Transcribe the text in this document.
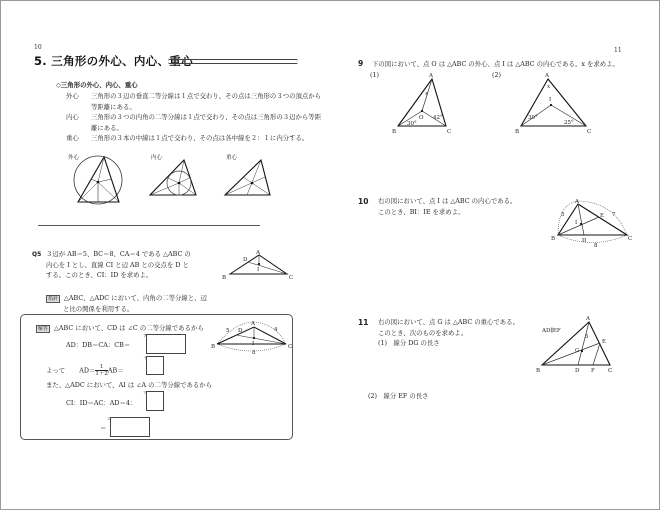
10
5. 三角形の外心、内心、重心
◇三角形の外心、内心、重心
外心 三角形の３辺の垂直二等分線は１点で交わり、その点は三角形の３つの頂点から
等距離にある。
内心 三角形の３つの内角の二等分線は１点で交わり、その点は三角形の３辺から等距
離にある。
重心 三角形の３本の中線は１点で交わり、その点は各中線を２：１に内分する。
外心	内心	重心
Q5 ３辺が AB＝5、BC＝8、CA＝4 である △ABC の
内心を I とし、直線 CI と辺 AB との交点を D と
する。このとき、CI：ID を求めよ。
A
B	C
D
I
指針 △ABC、△ADC において、内角の二等分線と、辺
と比の関係を利用する。
解答 △ABC において、CD は ∠C の二等分線であるから
AD：DB＝CA：CB＝
ア
よって $AD= \frac{1}{1+2} AB=$
イ
また、△ADC において、AI は ∠A の二等分線であるから
CI：ID＝AC：AD＝4：
ウ
＝
エ
A
B	C
D
I
5	4
8
11
9 下の図において、点 O は △ABC の外心、点 I は △ABC の内心である。x を求めよ。
(1)	(2)
A
B	C
O
30°
42°
x
A
B	C
I
30°
25°
x
10 右の図において、点 I は △ABC の内心である。
このとき、BI：IE を求めよ。
A
B	C
D
E
I
5	7
8
11 右の図において、点 G は △ABC の重心である。
このとき、次のものを求めよ。
(1)　線分 DG の長さ
(2)　線分 EF の長さ
A
B	C
D
E
F
G
5
AD∥EF
